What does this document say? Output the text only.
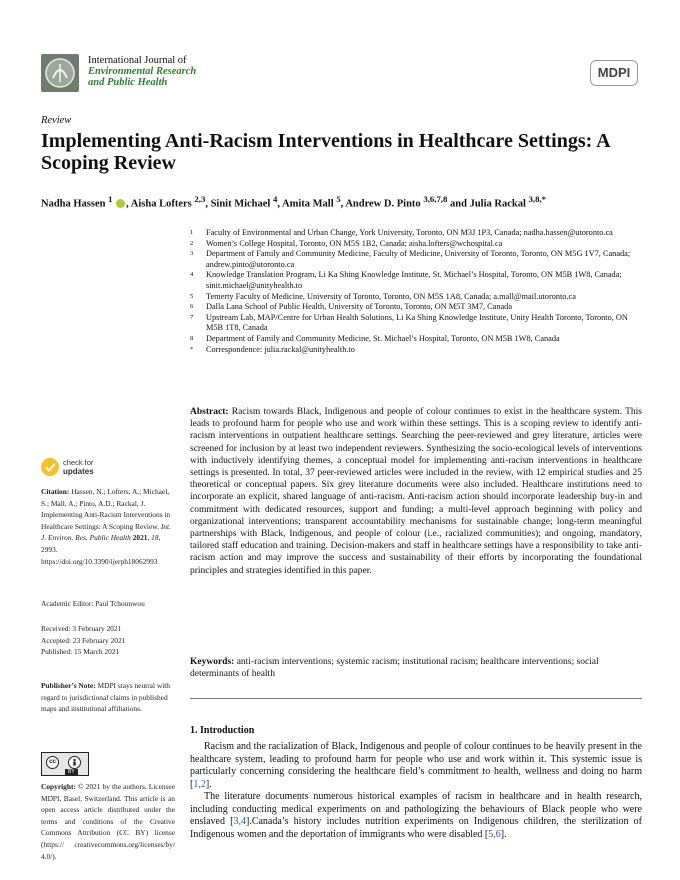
International Journal of
Environmental Research
and Public Health
MDPI
Review
Implementing Anti-Racism Interventions in Healthcare Settings: A Scoping Review
Nadha Hassen $^1$ , Aisha Lofters $^{2,3}$, Sinit Michael $^4$, Amita Mall $^5$, Andrew D. Pinto $^{3,6,7,8}$ and Julia Rackal $^{3,8,*}$
1	Faculty of Environmental and Urban Change, York University, Toronto, ON M3J 1P3, Canada; nadha.hassen@utoronto.ca
2	Women’s College Hospital, Toronto, ON M5S 1B2, Canada; aisha.lofters@wchospital.ca
3	Department of Family and Community Medicine, Faculty of Medicine, University of Toronto, Toronto, ON M5G 1V7, Canada; andrew.pinto@utoronto.ca
4	Knowledge Translation Program, Li Ka Shing Knowledge Institute, St. Michael’s Hospital, Toronto, ON M5B 1W8, Canada; sinit.michael@unityhealth.to
5	Temerty Faculty of Medicine, University of Toronto, Toronto, ON M5S 1A8, Canada; a.mall@mail.utoronto.ca
6	Dalla Lana School of Public Health, University of Toronto, Toronto, ON M5T 3M7, Canada
7	Upstream Lab, MAP/Centre for Urban Health Solutions, Li Ka Shing Knowledge Institute, Unity Health Toronto, Toronto, ON M5B 1T8, Canada
8	Department of Family and Community Medicine, St. Michael’s Hospital, Toronto, ON M5B 1W8, Canada
*	Correspondence: julia.rackal@unityhealth.to
Abstract: Racism towards Black, Indigenous and people of colour continues to exist in the healthcare system. This leads to profound harm for people who use and work within these settings. This is a scoping review to identify anti-racism interventions in outpatient healthcare settings. Searching the peer-reviewed and grey literature, articles were screened for inclusion by at least two independent reviewers. Synthesizing the socio-ecological levels of interventions with inductively identifying themes, a conceptual model for implementing anti-racism interventions in healthcare settings is presented. In total, 37 peer-reviewed articles were included in the review, with 12 empirical studies and 25 theoretical or conceptual papers. Six grey literature documents were also included. Healthcare institutions need to incorporate an explicit, shared language of anti-racism. Anti-racism action should incorporate leadership buy-in and commitment with dedicated resources, support and funding; a multi-level approach beginning with policy and organizational interventions; transparent accountability mechanisms for sustainable change; long-term meaningful partnerships with Black, Indigenous, and people of colour (i.e., racialized communities); and ongoing, mandatory, tailored staff education and training. Decision-makers and staff in healthcare settings have a responsibility to take anti-racism action and may improve the success and sustainability of their efforts by incorporating the foundational principles and strategies identified in this paper.
Keywords: anti-racism interventions; systemic racism; institutional racism; healthcare interventions; social determinants of health
check for
updates
Citation: Hassen, N.; Lofters, A.; Michael, S.; Mall, A.; Pinto, A.D.; Rackal, J. Implementing Anti-Racism Interventions in Healthcare Settings: A Scoping Review. Int. J. Environ. Res. Public Health 2021, 18, 2993. https://doi.org/10.3390/ijerph18062993
Academic Editor: Paul Tchounwou
Received: 3 February 2021
Accepted: 23 February 2021
Published: 15 March 2021
Publisher’s Note: MDPI stays neutral with regard to jurisdictional claims in published maps and institutional affiliations.
cc
BY
Copyright: © 2021 by the authors. Licensee MDPI, Basel, Switzerland. This article is an open access article distributed under the terms and conditions of the Creative Commons Attribution (CC BY) license (https:// creativecommons.org/licenses/by/ 4.0/).
1. Introduction

Racism and the racialization of Black, Indigenous and people of colour continues to be heavily present in the healthcare system, leading to profound harm for people who use and work within it. This systemic issue is particularly concerning considering the healthcare field’s commitment to health, wellness and doing no harm [1,2].

The literature documents numerous historical examples of racism in healthcare and in health research, including conducting medical experiments on and pathologizing the behaviours of Black people who were enslaved [3,4].Canada’s history includes nutrition experiments on Indigenous children, the sterilization of Indigenous women and the deportation of immigrants who were disabled [5,6].
